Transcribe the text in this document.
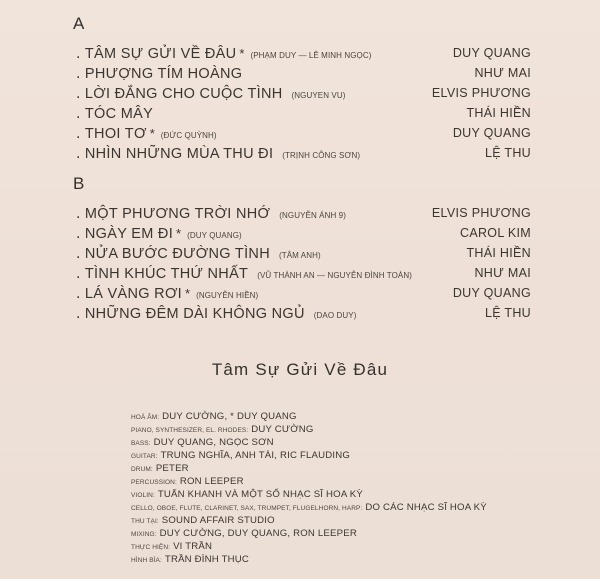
A
. TÂM SỰ GỬI VỀ ĐÂU * (PHẠM DUY — LÊ MINH NGỌC)	DUY QUANG
. PHƯỢNG TÍM HOÀNG	NHƯ MAI
. LỜI ĐẮNG CHO CUỘC TÌNH (NGUYEN VU)	ELVIS PHƯƠNG
. TÓC MÂY	THÁI HIỀN
. THOI TƠ * (ĐỨC QUỲNH)	DUY QUANG
. NHÌN NHỮNG MÙA THU ĐI (TRỊNH CÔNG SƠN)	LỆ THU
B
. MỘT PHƯƠNG TRỜI NHỚ (NGUYỄN ÁNH 9)	ELVIS PHƯƠNG
. NGÀY EM ĐI * (DUY QUANG)	CAROL KIM
. NỬA BƯỚC ĐƯỜNG TÌNH (TÂM ANH)	THÁI HIỀN
. TÌNH KHÚC THỨ NHẤT (VŨ THÀNH AN — NGUYỄN ĐÌNH TOÀN)	NHƯ MAI
. LÁ VÀNG RƠI * (NGUYỄN HIỀN)	DUY QUANG
. NHỮNG ĐÊM DÀI KHÔNG NGỦ (DAO DUY)	LỆ THU
Tâm Sự Gửi Về Đâu
HOÀ ÂM: DUY CƯỜNG, * DUY QUANG
PIANO, SYNTHESIZER, EL. RHODES: DUY CƯỜNG
BASS: DUY QUANG, NGỌC SƠN
GUITAR: TRUNG NGHĨA, ANH TÀI, RIC FLAUDING
DRUM: PETER
PERCUSSION: RON LEEPER
VIOLIN: TUẤN KHANH VÀ MỘT SỐ NHẠC SĨ HOA KỲ
CELLO, OBOE, FLUTE, CLARINET, SAX, TRUMPET, FLUGELHORN, HARP: DO CÁC NHẠC SĨ HOA KỲ
THU TẠI: SOUND AFFAIR STUDIO
MIXING: DUY CƯỜNG, DUY QUANG, RON LEEPER
THỰC HIỆN: VI TRẦN
HÌNH BÌA: TRẦN ĐÌNH THỤC
